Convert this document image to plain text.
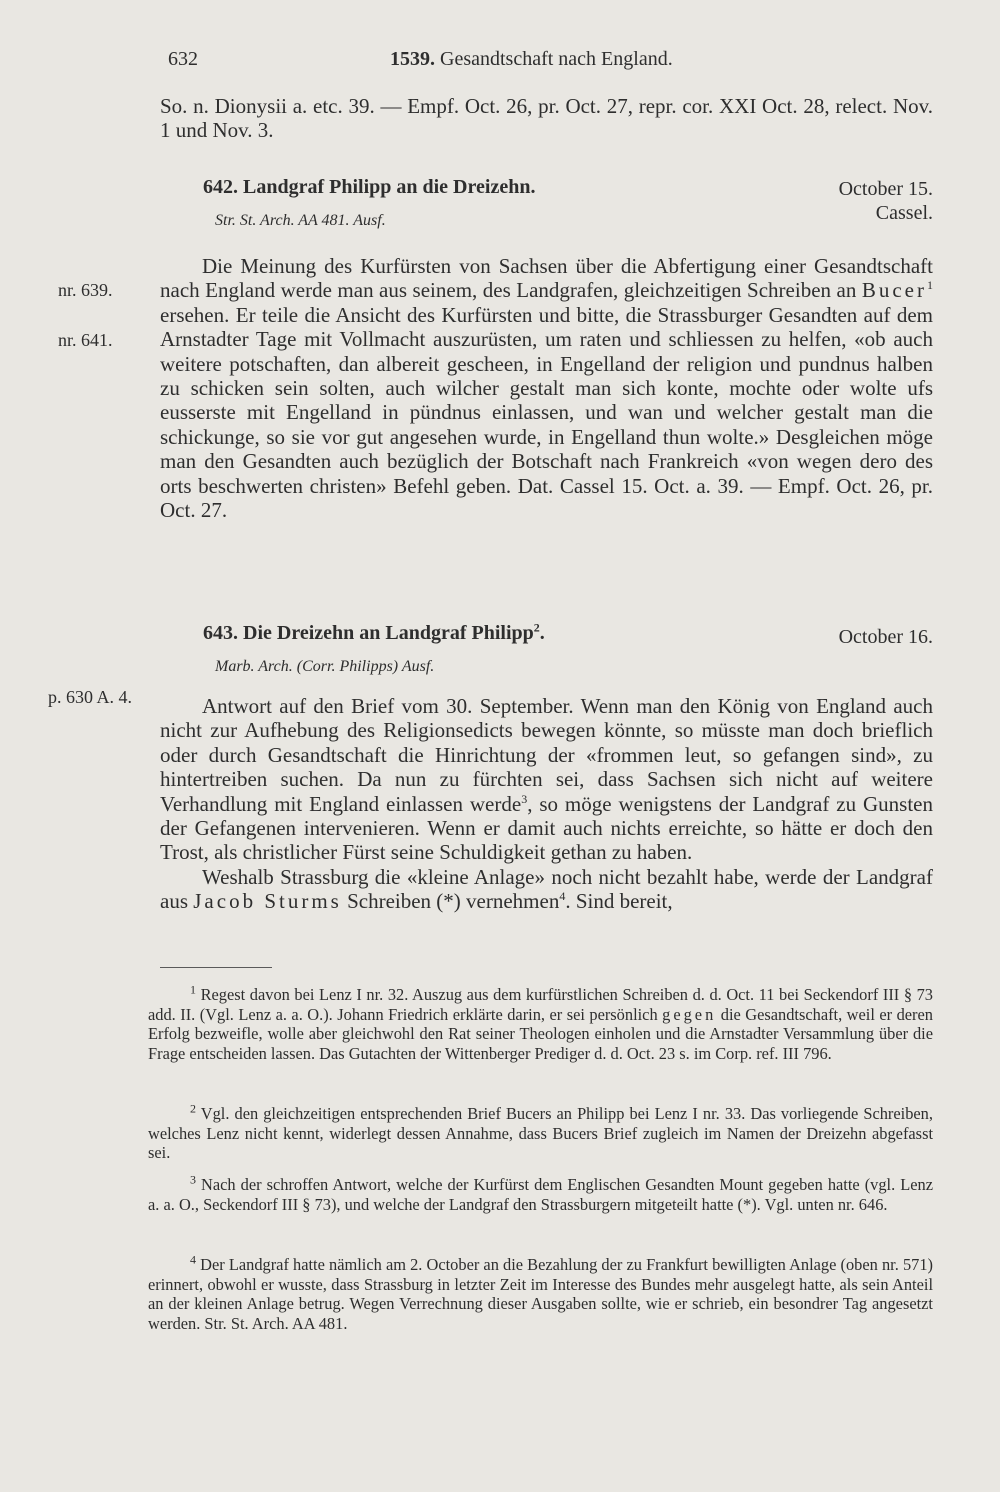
632	1539. Gesandtschaft nach England.

So. n. Dionysii a. etc. 39. — Empf. Oct. 26, pr. Oct. 27, repr. cor. XXI Oct. 28, relect. Nov. 1 und Nov. 3.

642. Landgraf Philipp an die Dreizehn.	October 15.
Cassel.
Str. St. Arch. AA 481. Ausf.
nr. 639.
nr. 641.

Die Meinung des Kurfürsten von Sachsen über die Abfertigung einer Gesandtschaft nach England werde man aus seinem, des Landgrafen, gleichzeitigen Schreiben an Bucer$^1$ ersehen. Er teile die Ansicht des Kurfürsten und bitte, die Strassburger Gesandten auf dem Arnstadter Tage mit Vollmacht auszurüsten, um raten und schliessen zu helfen, «ob auch weitere potschaften, dan albereit gescheen, in Engelland der religion und pundnus halben zu schicken sein solten, auch wilcher gestalt man sich konte, mochte oder wolte ufs eusserste mit Engelland in pündnus einlassen, und wan und welcher gestalt man die schickunge, so sie vor gut angesehen wurde, in Engelland thun wolte.» Desgleichen möge man den Gesandten auch bezüglich der Botschaft nach Frankreich «von wegen dero des orts beschwerten christen» Befehl geben. Dat. Cassel 15. Oct. a. 39. — Empf. Oct. 26, pr. Oct. 27.

643. Die Dreizehn an Landgraf Philipp$^2$.	October 16.
Marb. Arch. (Corr. Philipps) Ausf.
p. 630 A. 4.	Antwort auf den Brief vom 30. September. Wenn man den König von England auch nicht zur Aufhebung des Religionsedicts bewegen könnte, so müsste man doch brieflich oder durch Gesandtschaft die Hinrichtung der «frommen leut, so gefangen sind», zu hintertreiben suchen. Da nun zu fürchten sei, dass Sachsen sich nicht auf weitere Verhandlung mit England einlassen werde$^3$, so möge wenigstens der Landgraf zu Gunsten der Gefangenen intervenieren. Wenn er damit auch nichts erreichte, so hätte er doch den Trost, als christlicher Fürst seine Schuldigkeit gethan zu haben.

Weshalb Strassburg die «kleine Anlage» noch nicht bezahlt habe, werde der Landgraf aus Jacob Sturms Schreiben (*) vernehmen$^4$. Sind bereit,

$^1$ Regest davon bei Lenz I nr. 32. Auszug aus dem kurfürstlichen Schreiben d. d. Oct. 11 bei Seckendorf III § 73 add. II. (Vgl. Lenz a. a. O.). Johann Friedrich erklärte darin, er sei persönlich gegen die Gesandtschaft, weil er deren Erfolg bezweifle, wolle aber gleichwohl den Rat seiner Theologen einholen und die Arnstadter Versammlung über die Frage entscheiden lassen. Das Gutachten der Wittenberger Prediger d. d. Oct. 23 s. im Corp. ref. III 796.

$^2$ Vgl. den gleichzeitigen entsprechenden Brief Bucers an Philipp bei Lenz I nr. 33. Das vorliegende Schreiben, welches Lenz nicht kennt, widerlegt dessen Annahme, dass Bucers Brief zugleich im Namen der Dreizehn abgefasst sei.

$^3$ Nach der schroffen Antwort, welche der Kurfürst dem Englischen Gesandten Mount gegeben hatte (vgl. Lenz a. a. O., Seckendorf III § 73), und welche der Landgraf den Strassburgern mitgeteilt hatte (*). Vgl. unten nr. 646.

$^4$ Der Landgraf hatte nämlich am 2. October an die Bezahlung der zu Frankfurt bewilligten Anlage (oben nr. 571) erinnert, obwohl er wusste, dass Strassburg in letzter Zeit im Interesse des Bundes mehr ausgelegt hatte, als sein Anteil an der kleinen Anlage betrug. Wegen Verrechnung dieser Ausgaben sollte, wie er schrieb, ein besondrer Tag angesetzt werden. Str. St. Arch. AA 481.
